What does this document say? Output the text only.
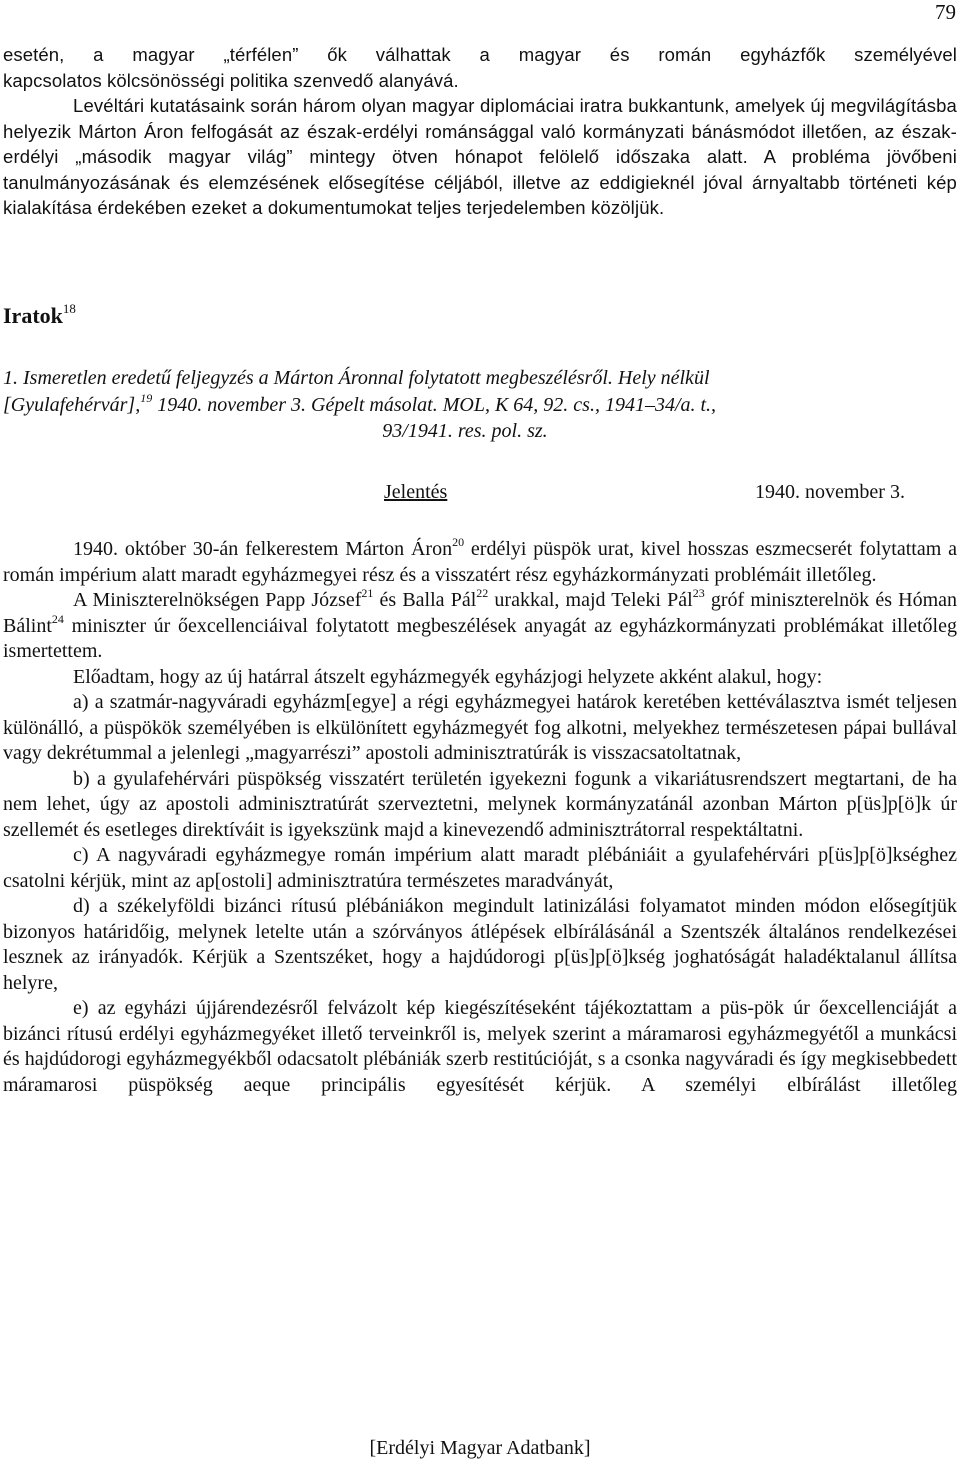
79

esetén, a magyar „térfélen” ők válhattak a magyar és román egyházfők személyével

kapcsolatos kölcsönösségi politika szenvedő alanyává.

Levéltári kutatásaink során három olyan magyar diplomáciai iratra bukkantunk, amelyek új megvilágításba helyezik Márton Áron felfogását az észak-erdélyi románsággal való kormányzati bánásmódot illetően, az észak-erdélyi „második magyar világ” mintegy ötven hónapot felölelő időszaka alatt. A probléma jövőbeni tanulmányozásának és elemzésének elősegítése céljából, illetve az eddigieknél jóval árnyaltabb történeti kép kialakítása érdekében ezeket a dokumentumokat teljes terjedelemben közöljük.

Iratok$^{18}$
1. Ismeretlen eredetű feljegyzés a Márton Áronnal folytatott megbeszélésről. Hely nélkül
[Gyulafehérvár],$^{19}$ 1940. november 3. Gépelt másolat. MOL, K 64, 92. cs., 1941–34/a. t.,
93/1941. res. pol. sz.
Jelentés	1940. november 3.

1940. október 30-án felkerestem Márton Áron$^{20}$ erdélyi püspök urat, kivel hosszas eszmecserét folytattam a román impérium alatt maradt egyházmegyei rész és a visszatért rész egyházkormányzati problémáit illetőleg.

A Miniszterelnökségen Papp József$^{21}$ és Balla Pál$^{22}$ urakkal, majd Teleki Pál$^{23}$ gróf miniszterelnök és Hóman Bálint$^{24}$ miniszter úr őexcellenciáival folytatott megbeszélések anyagát az egyházkormányzati problémákat illetőleg ismertettem.

Előadtam, hogy az új határral átszelt egyházmegyék egyházjogi helyzete akként alakul, hogy:

a) a szatmár-nagyváradi egyházm[egye] a régi egyházmegyei határok keretében kettéválasztva ismét teljesen különálló, a püspökök személyében is elkülönített egyházmegyét fog alkotni, melyekhez természetesen pápai bullával vagy dekrétummal a jelenlegi „magyarrészi” apostoli adminisztratúrák is visszacsatoltatnak,

b) a gyulafehérvári püspökség visszatért területén igyekezni fogunk a vikariátusrendszert megtartani, de ha nem lehet, úgy az apostoli adminisztratúrát szerveztetni, melynek kormányzatánál azonban Márton p[üs]p[ö]k úr szellemét és esetleges direktíváit is igyekszünk majd a kinevezendő adminisztrátorral respektáltatni.

c) A nagyváradi egyházmegye román impérium alatt maradt plébániáit a gyulafehérvári p[üs]p[ö]kséghez csatolni kérjük, mint az ap[ostoli] adminisztratúra természetes maradványát,

d) a székelyföldi bizánci rítusú plébániákon megindult latinizálási folyamatot minden módon elősegítjük bizonyos határidőig, melynek letelte után a szórványos átlépések elbírálásánál a Szentszék általános rendelkezései lesznek az irányadók. Kérjük a Szentszéket, hogy a hajdúdorogi p[üs]p[ö]kség joghatóságát haladéktalanul állítsa helyre,

e) az egyházi újjárendezésről felvázolt kép kiegészítéseként tájékoztattam a püs-pök úr őexcellenciáját a bizánci rítusú erdélyi egyházmegyéket illető terveinkről is, melyek szerint a máramarosi egyházmegyétől a munkácsi és hajdúdorogi egyházmegyékből odacsatolt plébániák szerb restitúcióját, s a csonka nagyváradi és így megkisebbedett máramarosi püspökség aeque principális egyesítését kérjük. A személyi elbírálást illetőleg

[Erdélyi Magyar Adatbank]
